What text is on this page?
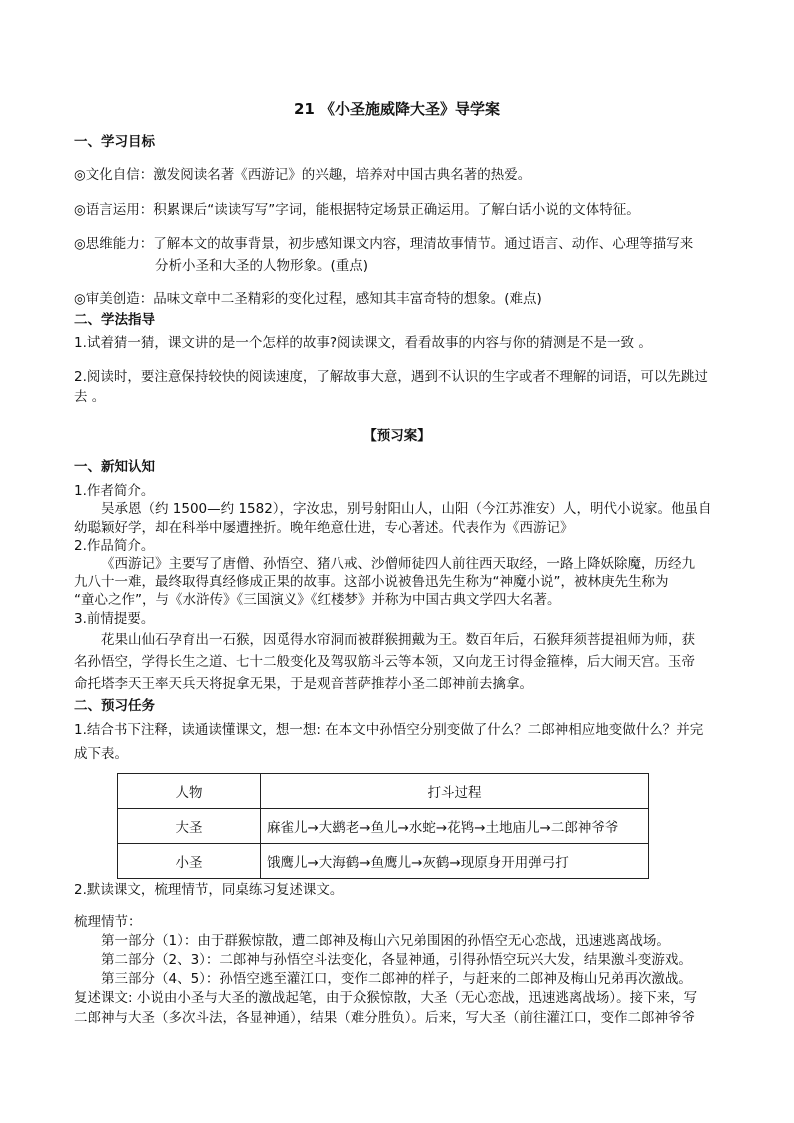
21 《小圣施威降大圣》导学案
一、学习目标
◎文化自信：激发阅读名著《西游记》的兴趣，培养对中国古典名著的热爱。
◎语言运用：积累课后“读读写写”字词，能根据特定场景正确运用。了解白话小说的文体特征。
◎思维能力：了解本文的故事背景，初步感知课文内容，理清故事情节。通过语言、动作、心理等描写来
分析小圣和大圣的人物形象。(重点)
◎审美创造：品味文章中二圣精彩的变化过程，感知其丰富奇特的想象。(难点)
二、学法指导
1.试着猜一猜，课文讲的是一个怎样的故事?阅读课文，看看故事的内容与你的猜测是不是一致 。
2.阅读时，要注意保持较快的阅读速度，了解故事大意，遇到不认识的生字或者不理解的词语，可以先跳过
去 。
【预习案】
一、新知认知
1.作者简介。
吴承恩（约 1500—约 1582），字汝忠，别号射阳山人，山阳（今江苏淮安）人，明代小说家。他虽自
幼聪颖好学，却在科举中屡遭挫折。晚年绝意仕进，专心著述。代表作为《西游记》
2.作品简介。
《西游记》主要写了唐僧、孙悟空、猪八戒、沙僧师徒四人前往西天取经，一路上降妖除魔，历经九
九八十一难，最终取得真经修成正果的故事。这部小说被鲁迅先生称为“神魔小说”，被林庚先生称为
“童心之作”，与《水浒传》《三国演义》《红楼梦》并称为中国古典文学四大名著。
3.前情提要。
花果山仙石孕育出一石猴，因觅得水帘洞而被群猴拥戴为王。数百年后，石猴拜须菩提祖师为师，获
名孙悟空，学得长生之道、七十二般变化及驾驭筋斗云等本领，又向龙王讨得金箍棒，后大闹天宫。玉帝
命托塔李天王率天兵天将捉拿无果，于是观音菩萨推荐小圣二郎神前去擒拿。
二、预习任务
1.结合书下注释，读通读懂课文，想一想: 在本文中孙悟空分别变做了什么？二郎神相应地变做什么？并完
成下表。
人物	打斗过程
大圣	麻雀儿→大鹚老→鱼儿→水蛇→花鸨→土地庙儿→二郎神爷爷
小圣	饿鹰儿→大海鹤→鱼鹰儿→灰鹤→现原身开用弹弓打
2.默读课文，梳理情节，同桌练习复述课文。
梳理情节：
第一部分（1）：由于群猴惊散，遭二郎神及梅山六兄弟围困的孙悟空无心恋战，迅速逃离战场。
第二部分（2、3）：二郎神与孙悟空斗法变化，各显神通，引得孙悟空玩兴大发，结果激斗变游戏。
第三部分（4、5）：孙悟空逃至灌江口，变作二郎神的样子，与赶来的二郎神及梅山兄弟再次激战。
复述课文: 小说由小圣与大圣的激战起笔，由于众猴惊散，大圣（无心恋战，迅速逃离战场）。接下来，写
二郎神与大圣（多次斗法，各显神通），结果（难分胜负）。后来，写大圣（前往灌江口，变作二郎神爷爷
